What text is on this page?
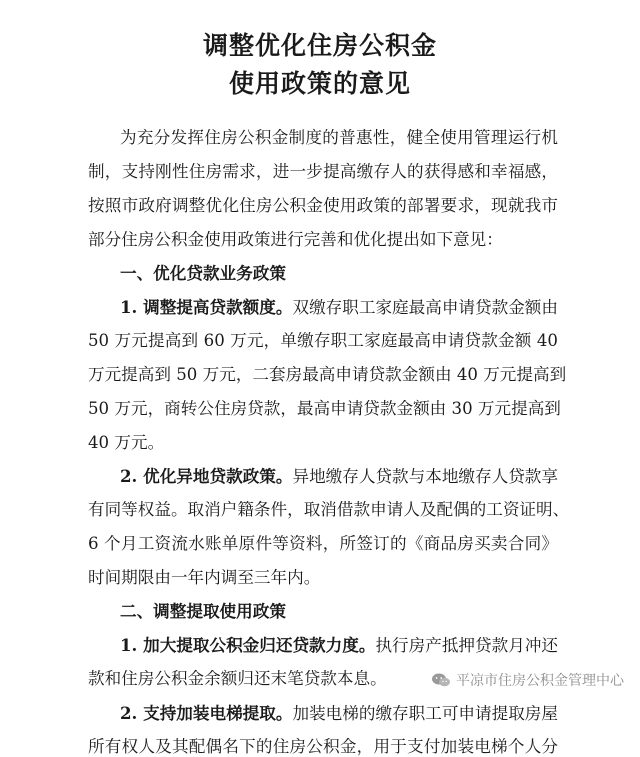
调整优化住房公积金
使用政策的意见
为充分发挥住房公积金制度的普惠性，健全使用管理运行机
制，支持刚性住房需求，进一步提高缴存人的获得感和幸福感，
按照市政府调整优化住房公积金使用政策的部署要求，现就我市
部分住房公积金使用政策进行完善和优化提出如下意见：
一、优化贷款业务政策
1. 调整提高贷款额度。双缴存职工家庭最高申请贷款金额由
50 万元提高到 60 万元，单缴存职工家庭最高申请贷款金额 40
万元提高到 50 万元，二套房最高申请贷款金额由 40 万元提高到
50 万元，商转公住房贷款，最高申请贷款金额由 30 万元提高到
40 万元。
2. 优化异地贷款政策。异地缴存人贷款与本地缴存人贷款享
有同等权益。取消户籍条件，取消借款申请人及配偶的工资证明、
6 个月工资流水账单原件等资料，所签订的《商品房买卖合同》
时间期限由一年内调至三年内。
二、调整提取使用政策
1. 加大提取公积金归还贷款力度。执行房产抵押贷款月冲还
款和住房公积金余额归还末笔贷款本息。
2. 支持加装电梯提取。加装电梯的缴存职工可申请提取房屋
所有权人及其配偶名下的住房公积金，用于支付加装电梯个人分
平凉市住房公积金管理中心
